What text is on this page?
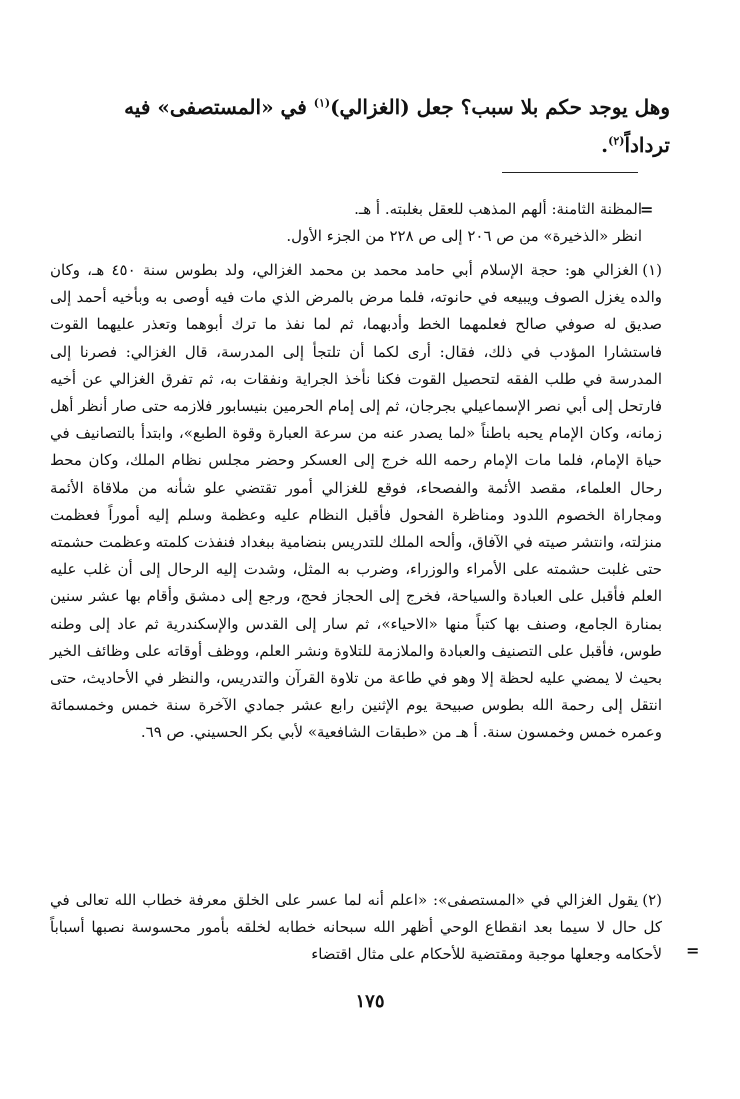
وهل يوجد حكم بلا سبب؟ جعل (الغزالي)$^{(١)}$ في «المستصفى» فيه

ترداداً$^{(٢)}$.

=

المظنة الثامنة: ألهم المذهب للعقل بغلبته. أ هـ.

انظر «الذخيرة» من ص ٢٠٦ إلى ص ٢٢٨ من الجزء الأول.

(١)الغزالي هو: حجة الإسلام أبي حامد محمد بن محمد الغزالي، ولد بطوس سنة ٤٥٠ هـ، وكان والده يغزل الصوف ويبيعه في حانوته، فلما مرض بالمرض الذي مات فيه أوصى به وبأخيه أحمد إلى صديق له صوفي صالح فعلمهما الخط وأدبهما، ثم لما نفذ ما ترك أبوهما وتعذر عليهما القوت فاستشارا المؤدب في ذلك، فقال: أرى لكما أن تلتجأ إلى المدرسة، قال الغزالي: فصرنا إلى المدرسة في طلب الفقه لتحصيل القوت فكنا نأخذ الجراية ونفقات به، ثم تفرق الغزالي عن أخيه فارتحل إلى أبي نصر الإسماعيلي بجرجان، ثم إلى إمام الحرمين بنيسابور فلازمه حتى صار أنظر أهل زمانه، وكان الإمام يحبه باطناً «لما يصدر عنه من سرعة العبارة وقوة الطبع»، وابتدأ بالتصانيف في حياة الإمام، فلما مات الإمام رحمه الله خرج إلى العسكر وحضر مجلس نظام الملك، وكان محط رحال العلماء، مقصد الأئمة والفصحاء، فوقع للغزالي أمور تقتضي علو شأنه من ملاقاة الأئمة ومجاراة الخصوم اللدود ومناظرة الفحول فأقبل النظام عليه وعظمة وسلم إليه أموراً فعظمت منزلته، وانتشر صيته في الآفاق، وألحه الملك للتدريس بنضامية ببغداد فنفذت كلمته وعظمت حشمته حتى غلبت حشمته على الأمراء والوزراء، وضرب به المثل، وشدت إليه الرحال إلى أن غلب عليه العلم فأقبل على العبادة والسياحة، فخرج إلى الحجاز فحج، ورجع إلى دمشق وأقام بها عشر سنين بمنارة الجامع، وصنف بها كتباً منها «الاحياء»، ثم سار إلى القدس والإسكندرية ثم عاد إلى وطنه طوس، فأقبل على التصنيف والعبادة والملازمة للتلاوة ونشر العلم، ووظف أوقاته على وظائف الخير بحيث لا يمضي عليه لحظة إلا وهو في طاعة من تلاوة القرآن والتدريس، والنظر في الأحاديث، حتى انتقل إلى رحمة الله بطوس صبيحة يوم الإثنين رابع عشر جمادي الآخرة سنة خمس وخمسمائة وعمره خمس وخمسون سنة. أ هـ من «طبقات الشافعية» لأبي بكر الحسيني. ص ٦٩.

(٢)يقول الغزالي في «المستصفى»: «اعلم أنه لما عسر على الخلق معرفة خطاب الله تعالى في كل حال لا سيما بعد انقطاع الوحي أظهر الله سبحانه خطابه لخلقه بأمور محسوسة نصبها أسباباً لأحكامه وجعلها موجبة ومقتضية للأحكام على مثال اقتضاء =
١٧٥
